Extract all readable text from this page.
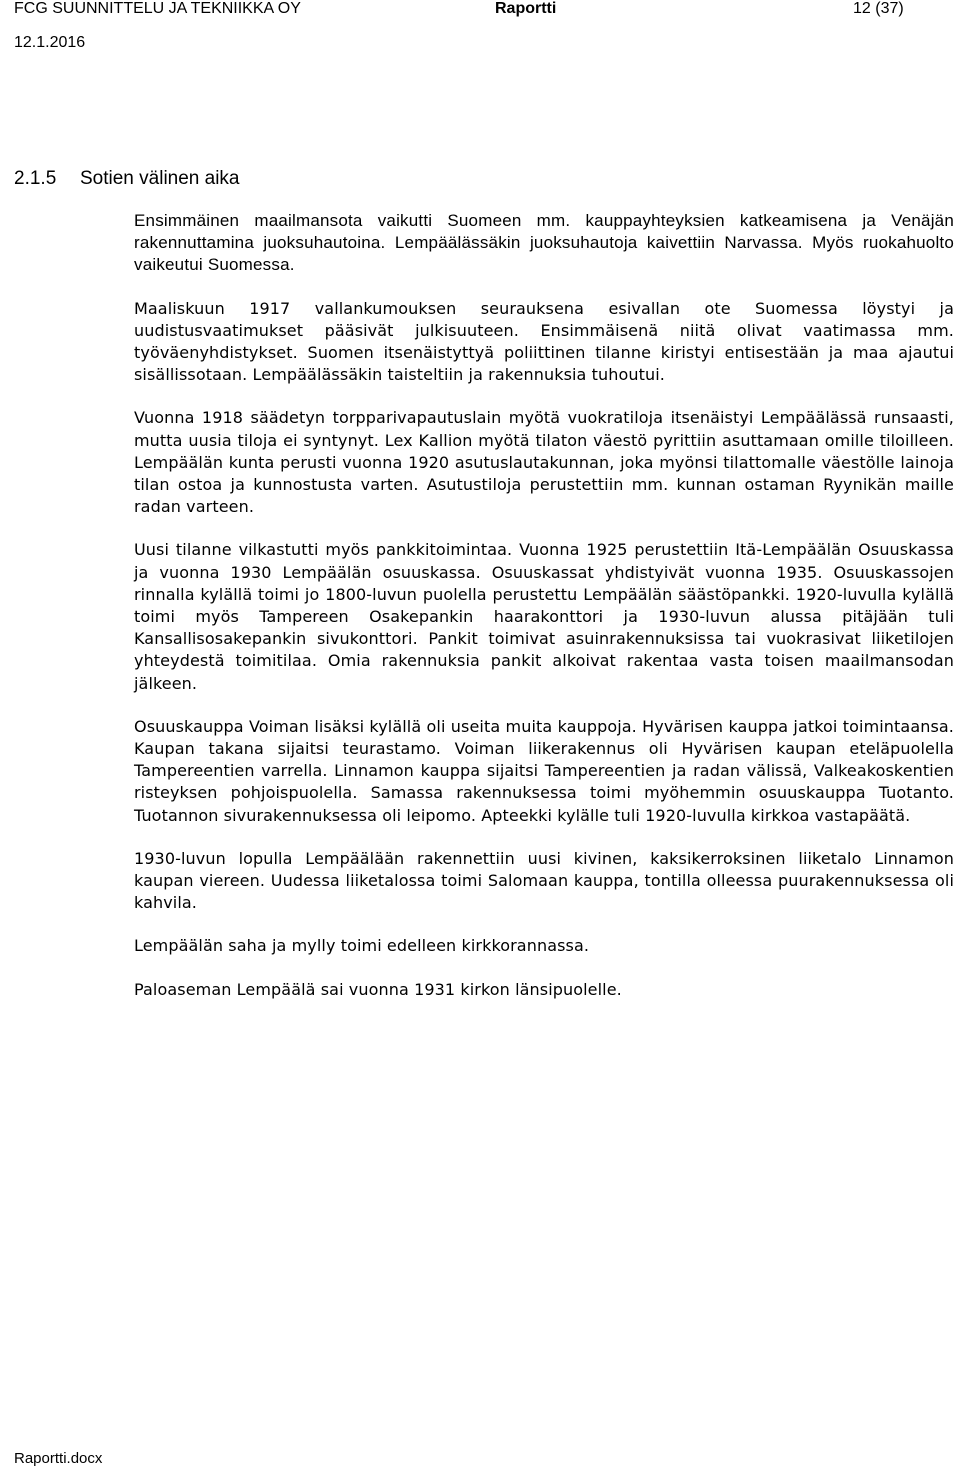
FCG SUUNNITTELU JA TEKNIIKKA OY	Raportti	12 (37)
12.1.2016
2.1.5 Sotien välinen aika

Ensimmäinen maailmansota vaikutti Suomeen mm. kauppayhteyksien katkeamisena ja Venäjän rakennuttamina juoksuhautoina. Lempäälässäkin juoksuhautoja kaivettiin Narvassa. Myös ruokahuolto vaikeutui Suomessa.

Maaliskuun 1917 vallankumouksen seurauksena esivallan ote Suomessa löystyi ja uudistusvaatimukset pääsivät julkisuuteen. Ensimmäisenä niitä olivat vaatimassa mm. työväenyhdistykset. Suomen itsenäistyttyä poliittinen tilanne kiristyi entisestään ja maa ajautui sisällissotaan. Lempäälässäkin taisteltiin ja rakennuksia tuhoutui.

Vuonna 1918 säädetyn torpparivapautuslain myötä vuokratiloja itsenäistyi Lempäälässä runsaasti, mutta uusia tiloja ei syntynyt. Lex Kallion myötä tilaton väestö pyrittiin asuttamaan omille tiloilleen. Lempäälän kunta perusti vuonna 1920 asutuslautakunnan, joka myönsi tilattomalle väestölle lainoja tilan ostoa ja kunnostusta varten. Asutustiloja perustettiin mm. kunnan ostaman Ryynikän maille radan varteen.

Uusi tilanne vilkastutti myös pankkitoimintaa. Vuonna 1925 perustettiin Itä-Lempäälän Osuuskassa ja vuonna 1930 Lempäälän osuuskassa. Osuuskassat yhdistyivät vuonna 1935. Osuuskassojen rinnalla kylällä toimi jo 1800-luvun puolella perustettu Lempäälän säästöpankki. 1920-luvulla kylällä toimi myös Tampereen Osakepankin haarakonttori ja 1930-luvun alussa pitäjään tuli Kansallisosakepankin sivukonttori. Pankit toimivat asuinrakennuksissa tai vuokrasivat liiketilojen yhteydestä toimitilaa. Omia rakennuksia pankit alkoivat rakentaa vasta toisen maailmansodan jälkeen.

Osuuskauppa Voiman lisäksi kylällä oli useita muita kauppoja. Hyvärisen kauppa jatkoi toimintaansa. Kaupan takana sijaitsi teurastamo. Voiman liikerakennus oli Hyvärisen kaupan eteläpuolella Tampereentien varrella. Linnamon kauppa sijaitsi Tampereentien ja radan välissä, Valkeakoskentien risteyksen pohjoispuolella. Samassa rakennuksessa toimi myöhemmin osuuskauppa Tuotanto. Tuotannon sivurakennuksessa oli leipomo. Apteekki kylälle tuli 1920-luvulla kirkkoa vastapäätä.

1930-luvun lopulla Lempäälään rakennettiin uusi kivinen, kaksikerroksinen liiketalo Linnamon kaupan viereen. Uudessa liiketalossa toimi Salomaan kauppa, tontilla olleessa puurakennuksessa oli kahvila.

Lempäälän saha ja mylly toimi edelleen kirkkorannassa.

Paloaseman Lempäälä sai vuonna 1931 kirkon länsipuolelle.

Raportti.docx
